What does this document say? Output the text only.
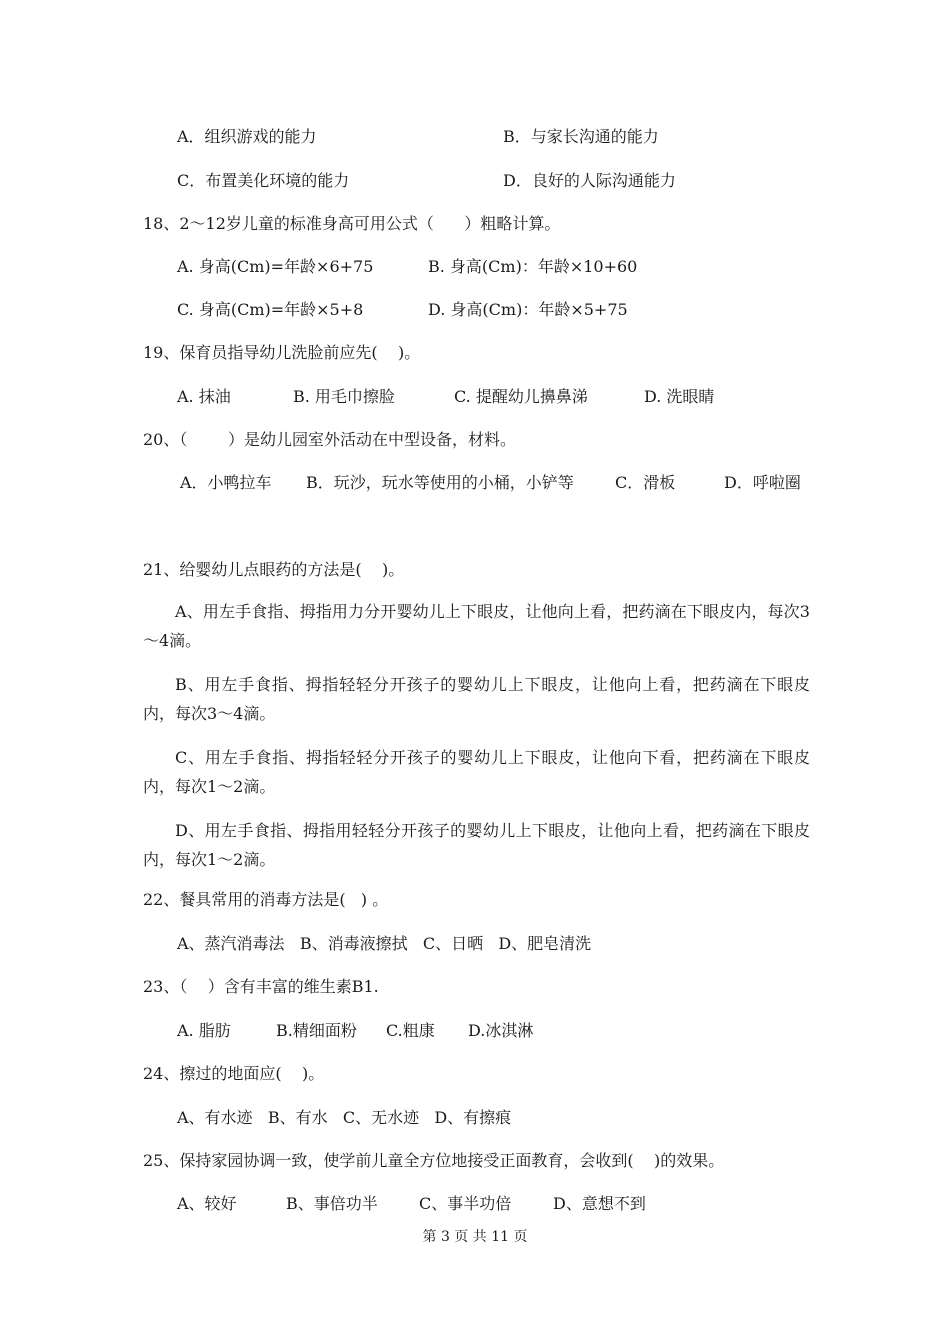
A．组织游戏的能力	B．与家长沟通的能力
C．布置美化环境的能力	D．良好的人际沟通能力
18、2～12岁儿童的标准身高可用公式（      ）粗略计算。
A. 身高(Cm)=年龄×6+75	B. 身高(Cm)：年龄×10+60
C. 身高(Cm)=年龄×5+8	D. 身高(Cm)：年龄×5+75
19、保育员指导幼儿洗脸前应先(    )。
A. 抹油	B. 用毛巾擦脸	C. 提醒幼儿擤鼻涕	D. 洗眼睛
20、（        ）是幼儿园室外活动在中型设备，材料。
A．小鸭拉车 B．玩沙，玩水等使用的小桶，小铲等	C．滑板	D．呼啦圈
21、给婴幼儿点眼药的方法是(    )。
A、用左手食指、拇指用力分开婴幼儿上下眼皮，让他向上看，把药滴在下眼皮内，每次3～4滴。
B、用左手食指、拇指轻轻分开孩子的婴幼儿上下眼皮，让他向上看，把药滴在下眼皮内，每次3～4滴。
C、用左手食指、拇指轻轻分开孩子的婴幼儿上下眼皮，让他向下看，把药滴在下眼皮内，每次1～2滴。
D、用左手食指、拇指用轻轻分开孩子的婴幼儿上下眼皮，让他向上看，把药滴在下眼皮内，每次1～2滴。
22、餐具常用的消毒方法是(   ) 。
A、蒸汽消毒法   B、消毒液擦拭   C、日晒   D、肥皂清洗
23、（    ）含有丰富的维生素B1.
A. 脂肪	B.精细面粉 C.粗康 D.冰淇淋
24、擦过的地面应(    )。
A、有水迹   B、有水   C、无水迹   D、有擦痕
25、保持家园协调一致，使学前儿童全方位地接受正面教育，会收到(    )的效果。
A、较好	B、事倍功半	C、事半功倍	D、意想不到
第 3 页 共 11 页
